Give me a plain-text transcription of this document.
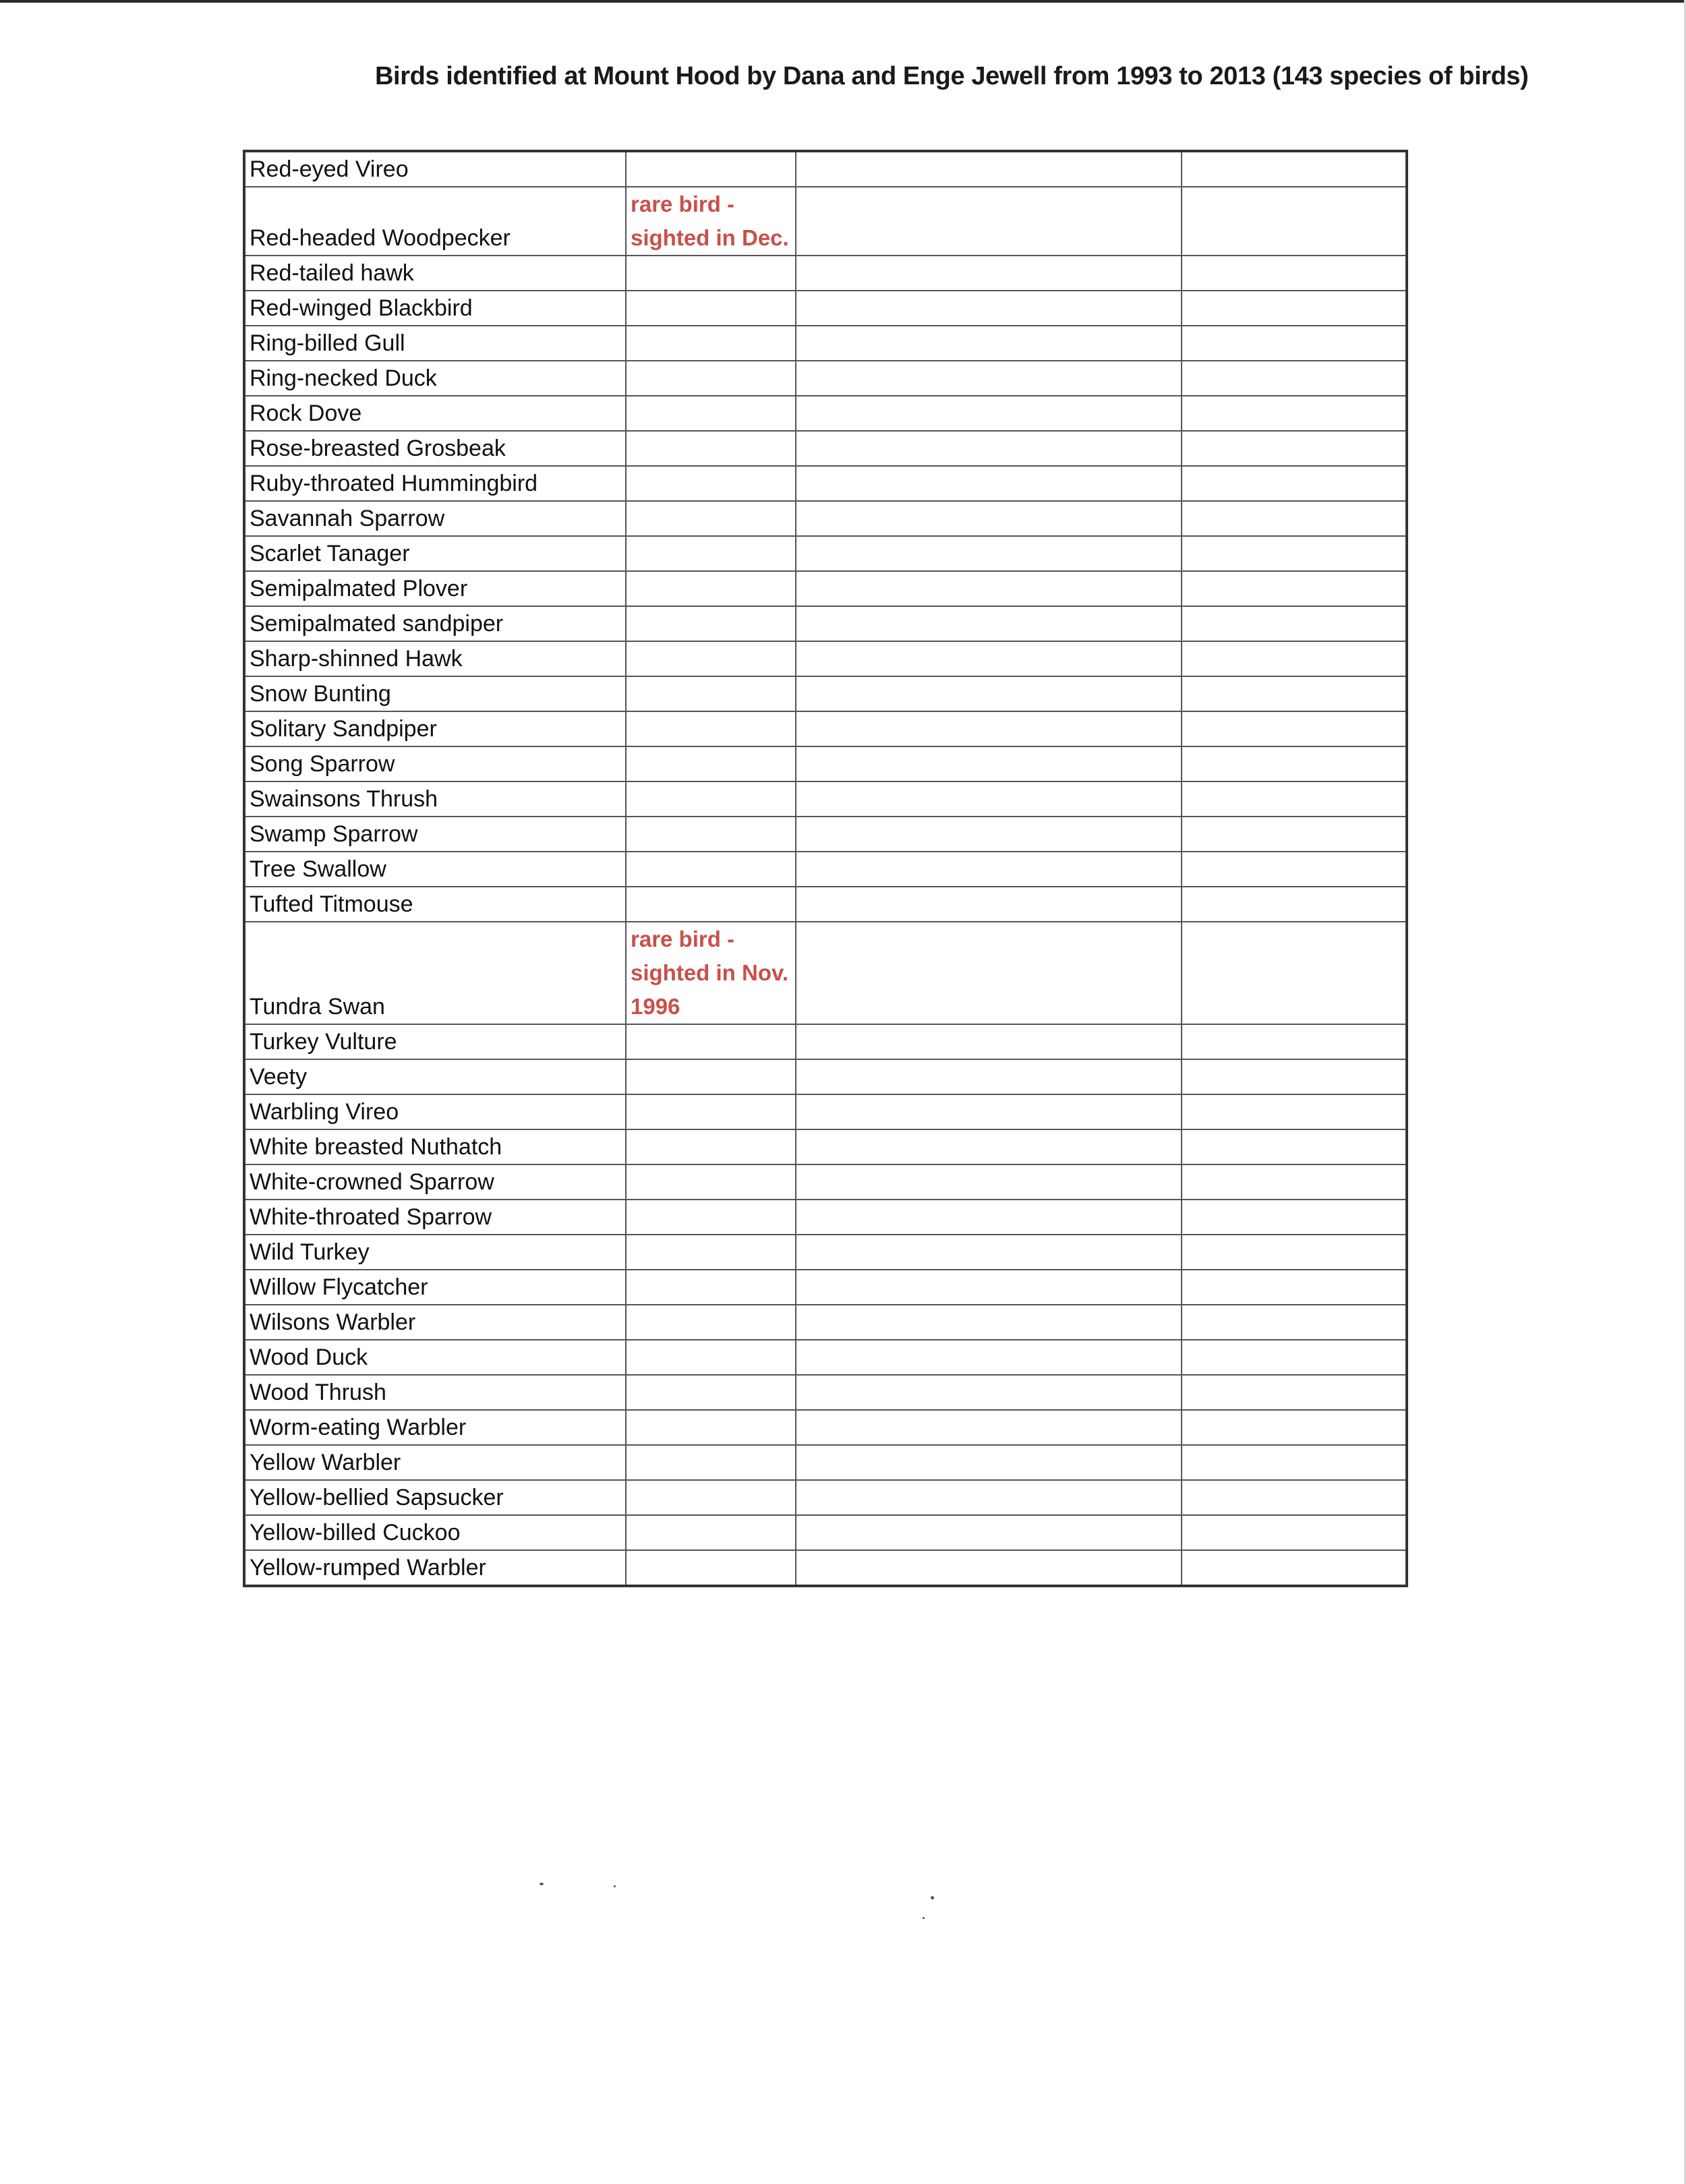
Birds identified at Mount Hood by Dana and Enge Jewell from 1993 to 2013 (143 species of birds)
Red-eyed Vireo			
Red-headed Woodpecker	rare bird - sighted in Dec.		
Red-tailed hawk			
Red-winged Blackbird			
Ring-billed Gull			
Ring-necked Duck			
Rock Dove			
Rose-breasted Grosbeak			
Ruby-throated Hummingbird			
Savannah Sparrow			
Scarlet Tanager			
Semipalmated Plover			
Semipalmated sandpiper			
Sharp-shinned Hawk			
Snow Bunting			
Solitary Sandpiper			
Song Sparrow			
Swainsons Thrush			
Swamp Sparrow			
Tree Swallow			
Tufted Titmouse			
Tundra Swan	rare bird - sighted in Nov. 1996		
Turkey Vulture			
Veety			
Warbling Vireo			
White breasted Nuthatch			
White-crowned Sparrow			
White-throated Sparrow			
Wild Turkey			
Willow Flycatcher			
Wilsons Warbler			
Wood Duck			
Wood Thrush			
Worm-eating Warbler			
Yellow Warbler			
Yellow-bellied Sapsucker			
Yellow-billed Cuckoo			
Yellow-rumped Warbler			
